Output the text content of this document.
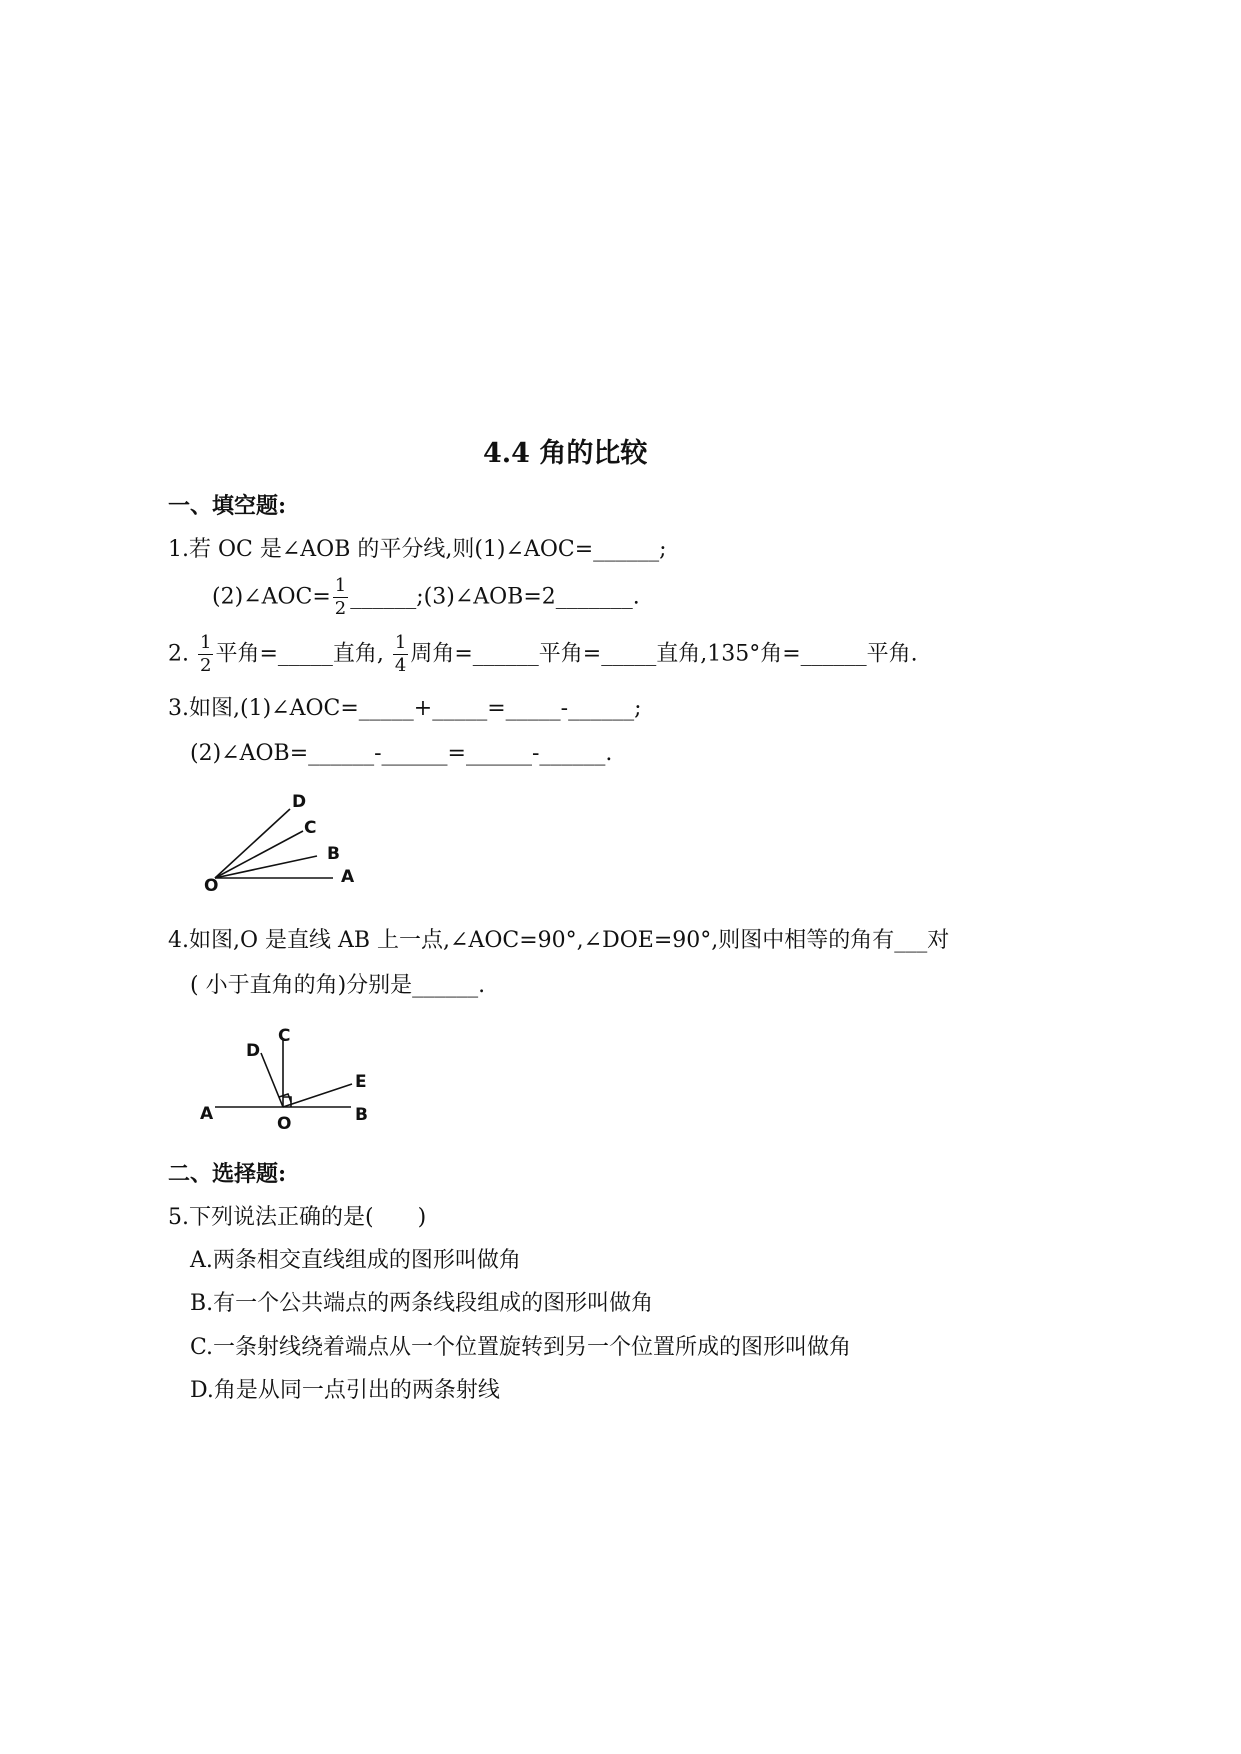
4.4 角的比较
一、填空题:
1.若 OC 是∠AOB 的平分线,则(1)∠AOC=______;
(2)∠AOC= $\frac{1}{2}$ ______;(3)∠AOB=2_______.
2. $\frac{1}{2}$ 平角=_____直角, $\frac{1}{4}$ 周角=______平角=_____直角,135°角=______平角.
3.如图,(1)∠AOC=_____+_____=_____-______;
(2)∠AOB=______-______=______-______.
O	A
B
C
D
4.如图,O 是直线 AB 上一点,∠AOC=90°,∠DOE=90°,则图中相等的角有___对
( 小于直角的角)分别是______.
A	B
C
D
E
O
二、选择题:
5.下列说法正确的是(　　)
A.两条相交直线组成的图形叫做角
B.有一个公共端点的两条线段组成的图形叫做角
C.一条射线绕着端点从一个位置旋转到另一个位置所成的图形叫做角
D.角是从同一点引出的两条射线
